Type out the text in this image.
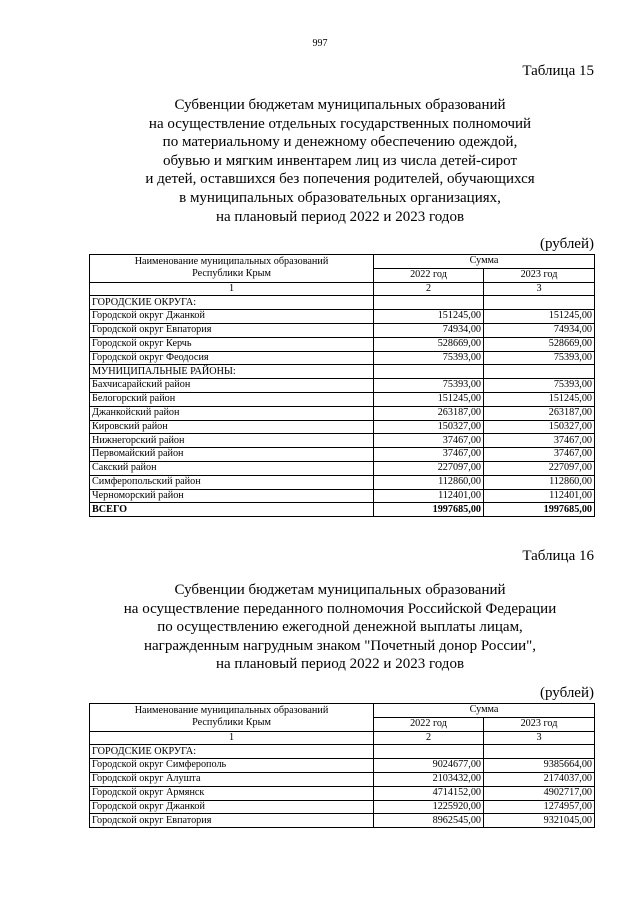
997
Таблица 15
Субвенции бюджетам муниципальных образований
на осуществление отдельных государственных полномочий
по материальному и денежному обеспечению одеждой,
обувью и мягким инвентарем лиц из числа детей-сирот
и детей, оставшихся без попечения родителей, обучающихся
в муниципальных образовательных организациях,
на плановый период 2022 и 2023 годов
(рублей)
Наименование муниципальных образований
Республики Крым	Сумма	
	2022 год	2023 год
1	2	3
ГОРОДСКИЕ ОКРУГА:		
Городской округ Джанкой	151245,00	151245,00
Городской округ Евпатория	74934,00	74934,00
Городской округ Керчь	528669,00	528669,00
Городской округ Феодосия	75393,00	75393,00
МУНИЦИПАЛЬНЫЕ РАЙОНЫ:		
Бахчисарайский район	75393,00	75393,00
Белогорский район	151245,00	151245,00
Джанкойский район	263187,00	263187,00
Кировский район	150327,00	150327,00
Нижнегорский район	37467,00	37467,00
Первомайский район	37467,00	37467,00
Сакский район	227097,00	227097,00
Симферопольский район	112860,00	112860,00
Черноморский район	112401,00	112401,00
ВСЕГО	1997685,00	1997685,00
Таблица 16
Субвенции бюджетам муниципальных образований
на осуществление переданного полномочия Российской Федерации
по осуществлению ежегодной денежной выплаты лицам,
награжденным нагрудным знаком "Почетный донор России",
на плановый период 2022 и 2023 годов
(рублей)
Наименование муниципальных образований
Республики Крым	Сумма	
	2022 год	2023 год
1	2	3
ГОРОДСКИЕ ОКРУГА:		
Городской округ Симферополь	9024677,00	9385664,00
Городской округ Алушта	2103432,00	2174037,00
Городской округ Армянск	4714152,00	4902717,00
Городской округ Джанкой	1225920,00	1274957,00
Городской округ Евпатория	8962545,00	9321045,00
